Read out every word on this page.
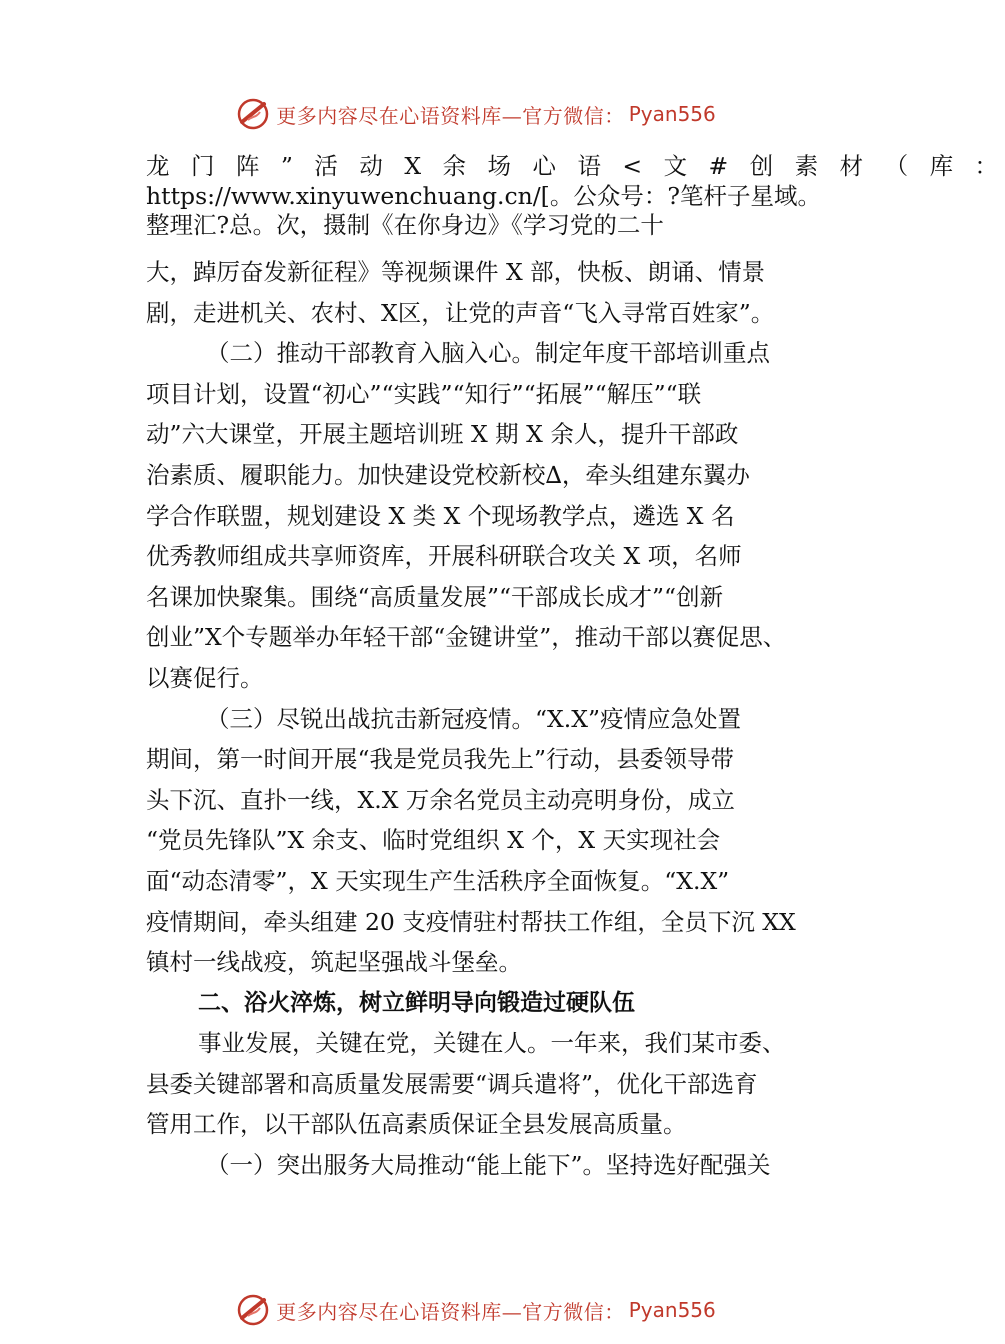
更多内容尽在心语资料库—官方微信： Pyan556
龙 门 阵 ” 活 动 X 余 场 心 语 < 文 # 创 素 材 （ 库 ：
https://www.xinyuwenchuang.cn/[。公众号：?笔杆子星域。
整理汇?总。次，摄制《在你身边》《学习党的二十
大，踔厉奋发新征程》等视频课件 X 部，快板、朗诵、情景
剧，走进机关、农村、X区，让党的声音“飞入寻常百姓家”。
（二）推动干部教育入脑入心。制定年度干部培训重点
项目计划，设置“初心”“实践”“知行”“拓展”“解压”“联
动”六大课堂，开展主题培训班 X 期 X 余人，提升干部政
治素质、履职能力。加快建设党校新校∆，牵头组建东翼办
学合作联盟，规划建设 X 类 X 个现场教学点，遴选 X 名
优秀教师组成共享师资库，开展科研联合攻关 X 项，名师
名课加快聚集。围绕“高质量发展”“干部成长成才”“创新
创业”X个专题举办年轻干部“金键讲堂”，推动干部以赛促思、
以赛促行。
（三）尽锐出战抗击新冠疫情。“X.X”疫情应急处置
期间，第一时间开展“我是党员我先上”行动，县委领导带
头下沉、直扑一线，X.X 万余名党员主动亮明身份，成立
“党员先锋队”X 余支、临时党组织 X 个，X 天实现社会
面“动态清零”，X 天实现生产生活秩序全面恢复。“X.X”
疫情期间，牵头组建 20 支疫情驻村帮扶工作组，全员下沉 XX
镇村一线战疫，筑起坚强战斗堡垒。
二、浴火淬炼，树立鲜明导向锻造过硬队伍
事业发展，关键在党，关键在人。一年来，我们某市委、
县委关键部署和高质量发展需要“调兵遣将”，优化干部选育
管用工作，以干部队伍高素质保证全县发展高质量。
（一）突出服务大局推动“能上能下”。坚持选好配强关
更多内容尽在心语资料库—官方微信： Pyan556
